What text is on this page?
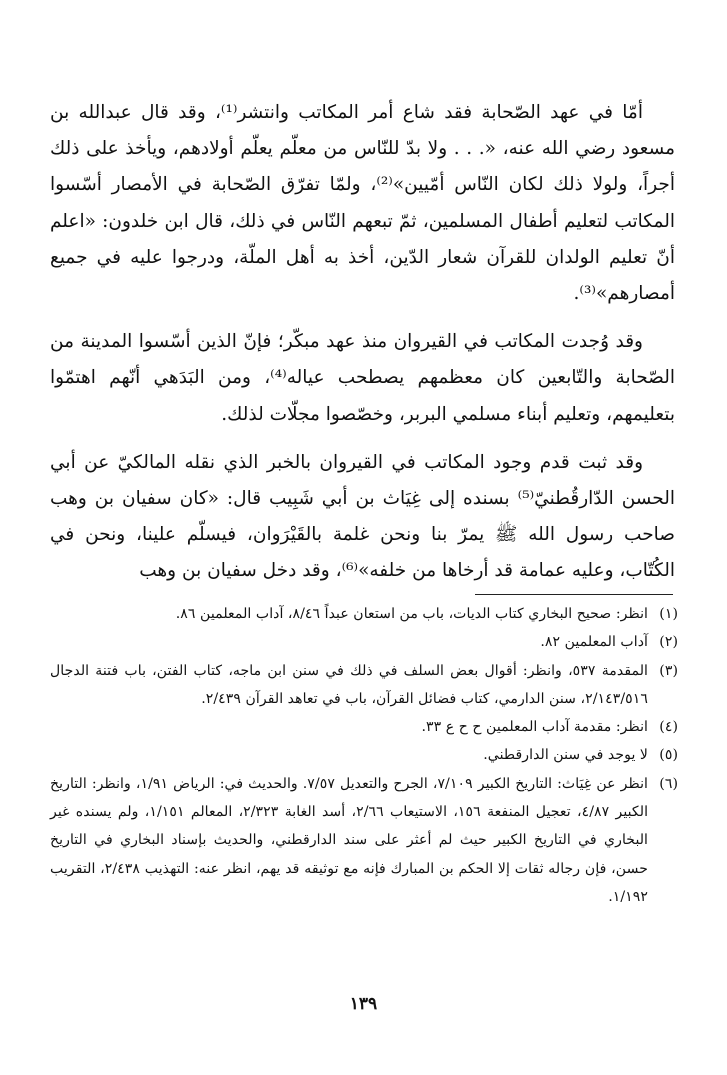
أمّا في عهد الصّحابة فقد شاع أمر المكاتب وانتشر⁽¹⁾، وقد قال عبدالله بن مسعود رضي الله عنه، «. . . ولا بدّ للنّاس من معلّم يعلّم أولادهم، ويأخذ على ذلك أجراً، ولولا ذلك لكان النّاس أمّيين»⁽²⁾، ولمّا تفرّق الصّحابة في الأمصار أسّسوا المكاتب لتعليم أطفال المسلمين، ثمّ تبعهم النّاس في ذلك، قال ابن خلدون: «اعلم أنّ تعليم الولدان للقرآن شعار الدّين، أخذ به أهل الملّة، ودرجوا عليه في جميع أمصارهم»⁽³⁾.

وقد وُجدت المكاتب في القيروان منذ عهد مبكّر؛ فإنّ الذين أسّسوا المدينة من الصّحابة والتّابعين كان معظمهم يصطحب عياله⁽⁴⁾، ومن البَدَهي أنّهم اهتمّوا بتعليمهم، وتعليم أبناء مسلمي البربر، وخصّصوا مجلّات لذلك.

وقد ثبت قدم وجود المكاتب في القيروان بالخبر الذي نقله المالكيّ عن أبي الحسن الدّارقُطنيّ⁽⁵⁾ بسنده إلى غِيَاث بن أبي شَبِيب قال: «كان سفيان بن وهب صاحب رسول الله ﷺ يمرّ بنا ونحن غلمة بالقَيْرَوان، فيسلّم علينا، ونحن في الكُتّاب، وعليه عمامة قد أرخاها من خلفه»⁽⁶⁾، وقد دخل سفيان بن وهب

(١)
انظر: صحيح البخاري كتاب الديات، باب من استعان عبداً ٨/٤٦، آداب المعلمين ٨٦.
(٢)
آداب المعلمين ٨٢.
(٣)
المقدمة ٥٣٧، وانظر: أقوال بعض السلف في ذلك في سنن ابن ماجه، كتاب الفتن، باب فتنة الدجال ٢/١٤٣/٥١٦، سنن الدارمي، كتاب فضائل القرآن، باب في تعاهد القرآن ٢/٤٣٩.
(٤)
انظر: مقدمة آداب المعلمين ح ح ع ٣٣.
(٥)
لا يوجد في سنن الدارقطني.
(٦)
انظر عن غِيَاث: التاريخ الكبير ٧/١٠٩، الجرح والتعديل ٧/٥٧. والحديث في: الرياض ١/٩١، وانظر: التاريخ الكبير ٤/٨٧، تعجيل المنفعة ١٥٦، الاستيعاب ٢/٦٦، أسد الغابة ٢/٣٢٣، المعالم ١/١٥١، ولم يسنده غير البخاري في التاريخ الكبير حيث لم أعثر على سند الدارقطني، والحديث بإسناد البخاري في التاريخ حسن، فإن رجاله ثقات إلا الحكم بن المبارك فإنه مع توثيقه قد يهم، انظر عنه: التهذيب ٢/٤٣٨، التقريب ١/١٩٢.
١٣٩
